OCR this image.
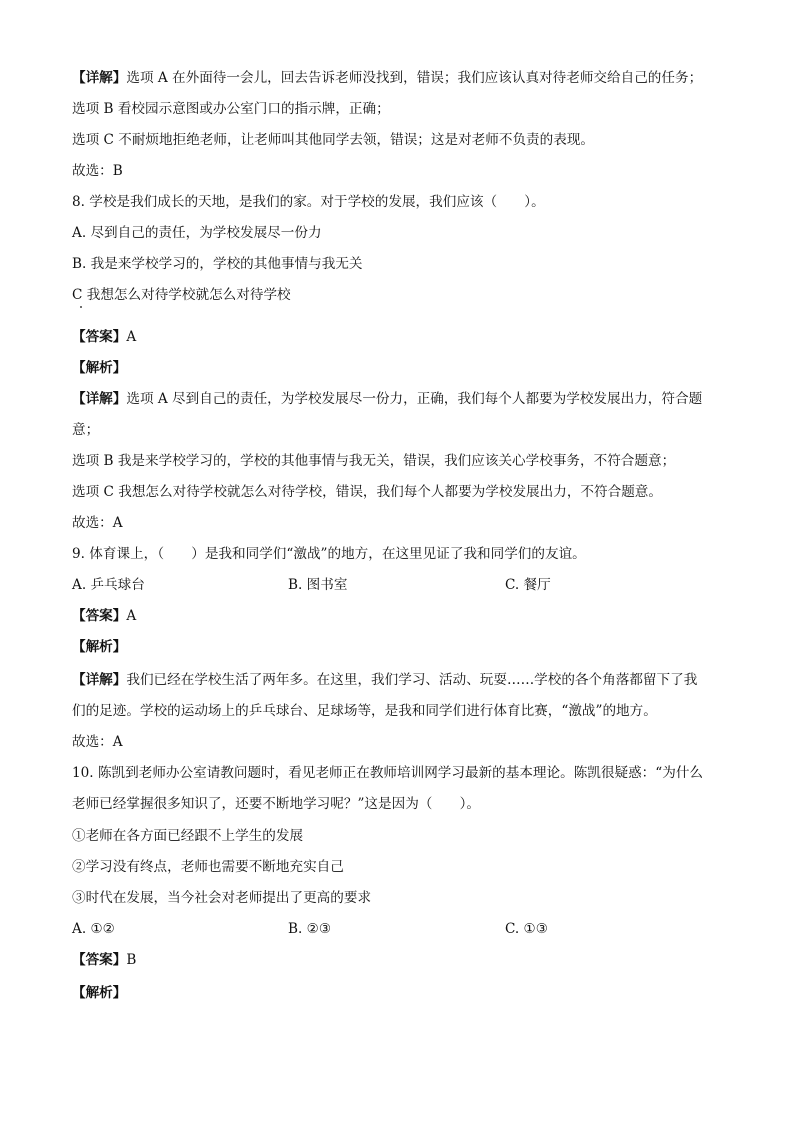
【详解】选项 A 在外面待一会儿，回去告诉老师没找到，错误；我们应该认真对待老师交给自己的任务；
选项 B 看校园示意图或办公室门口的指示牌，正确；
选项 C 不耐烦地拒绝老师，让老师叫其他同学去领，错误；这是对老师不负责的表现。
故选：B
8. 学校是我们成长的天地，是我们的家。对于学校的发展，我们应该（　　）。
A. 尽到自己的责任，为学校发展尽一份力
B. 我是来学校学习的，学校的其他事情与我无关
C 我想怎么对待学校就怎么对待学校
【答案】A
【解析】
【详解】选项 A 尽到自己的责任，为学校发展尽一份力，正确，我们每个人都要为学校发展出力，符合题
意；
选项 B 我是来学校学习的，学校的其他事情与我无关，错误，我们应该关心学校事务，不符合题意；
选项 C 我想怎么对待学校就怎么对待学校，错误，我们每个人都要为学校发展出力，不符合题意。
故选：A
9. 体育课上，（　　）是我和同学们“激战”的地方，在这里见证了我和同学们的友谊。
A. 乒乓球台	B. 图书室	C. 餐厅
【答案】A
【解析】
【详解】我们已经在学校生活了两年多。在这里，我们学习、活动、玩耍……学校的各个角落都留下了我
们的足迹。学校的运动场上的乒乓球台、足球场等，是我和同学们进行体育比赛，“激战”的地方。
故选：A
10. 陈凯到老师办公室请教问题时，看见老师正在教师培训网学习最新的基本理论。陈凯很疑惑：“为什么
老师已经掌握很多知识了，还要不断地学习呢？”这是因为（　　）。
①老师在各方面已经跟不上学生的发展
②学习没有终点，老师也需要不断地充实自己
③时代在发展，当今社会对老师提出了更高的要求
A. ①②	B. ②③	C. ①③
【答案】B
【解析】
